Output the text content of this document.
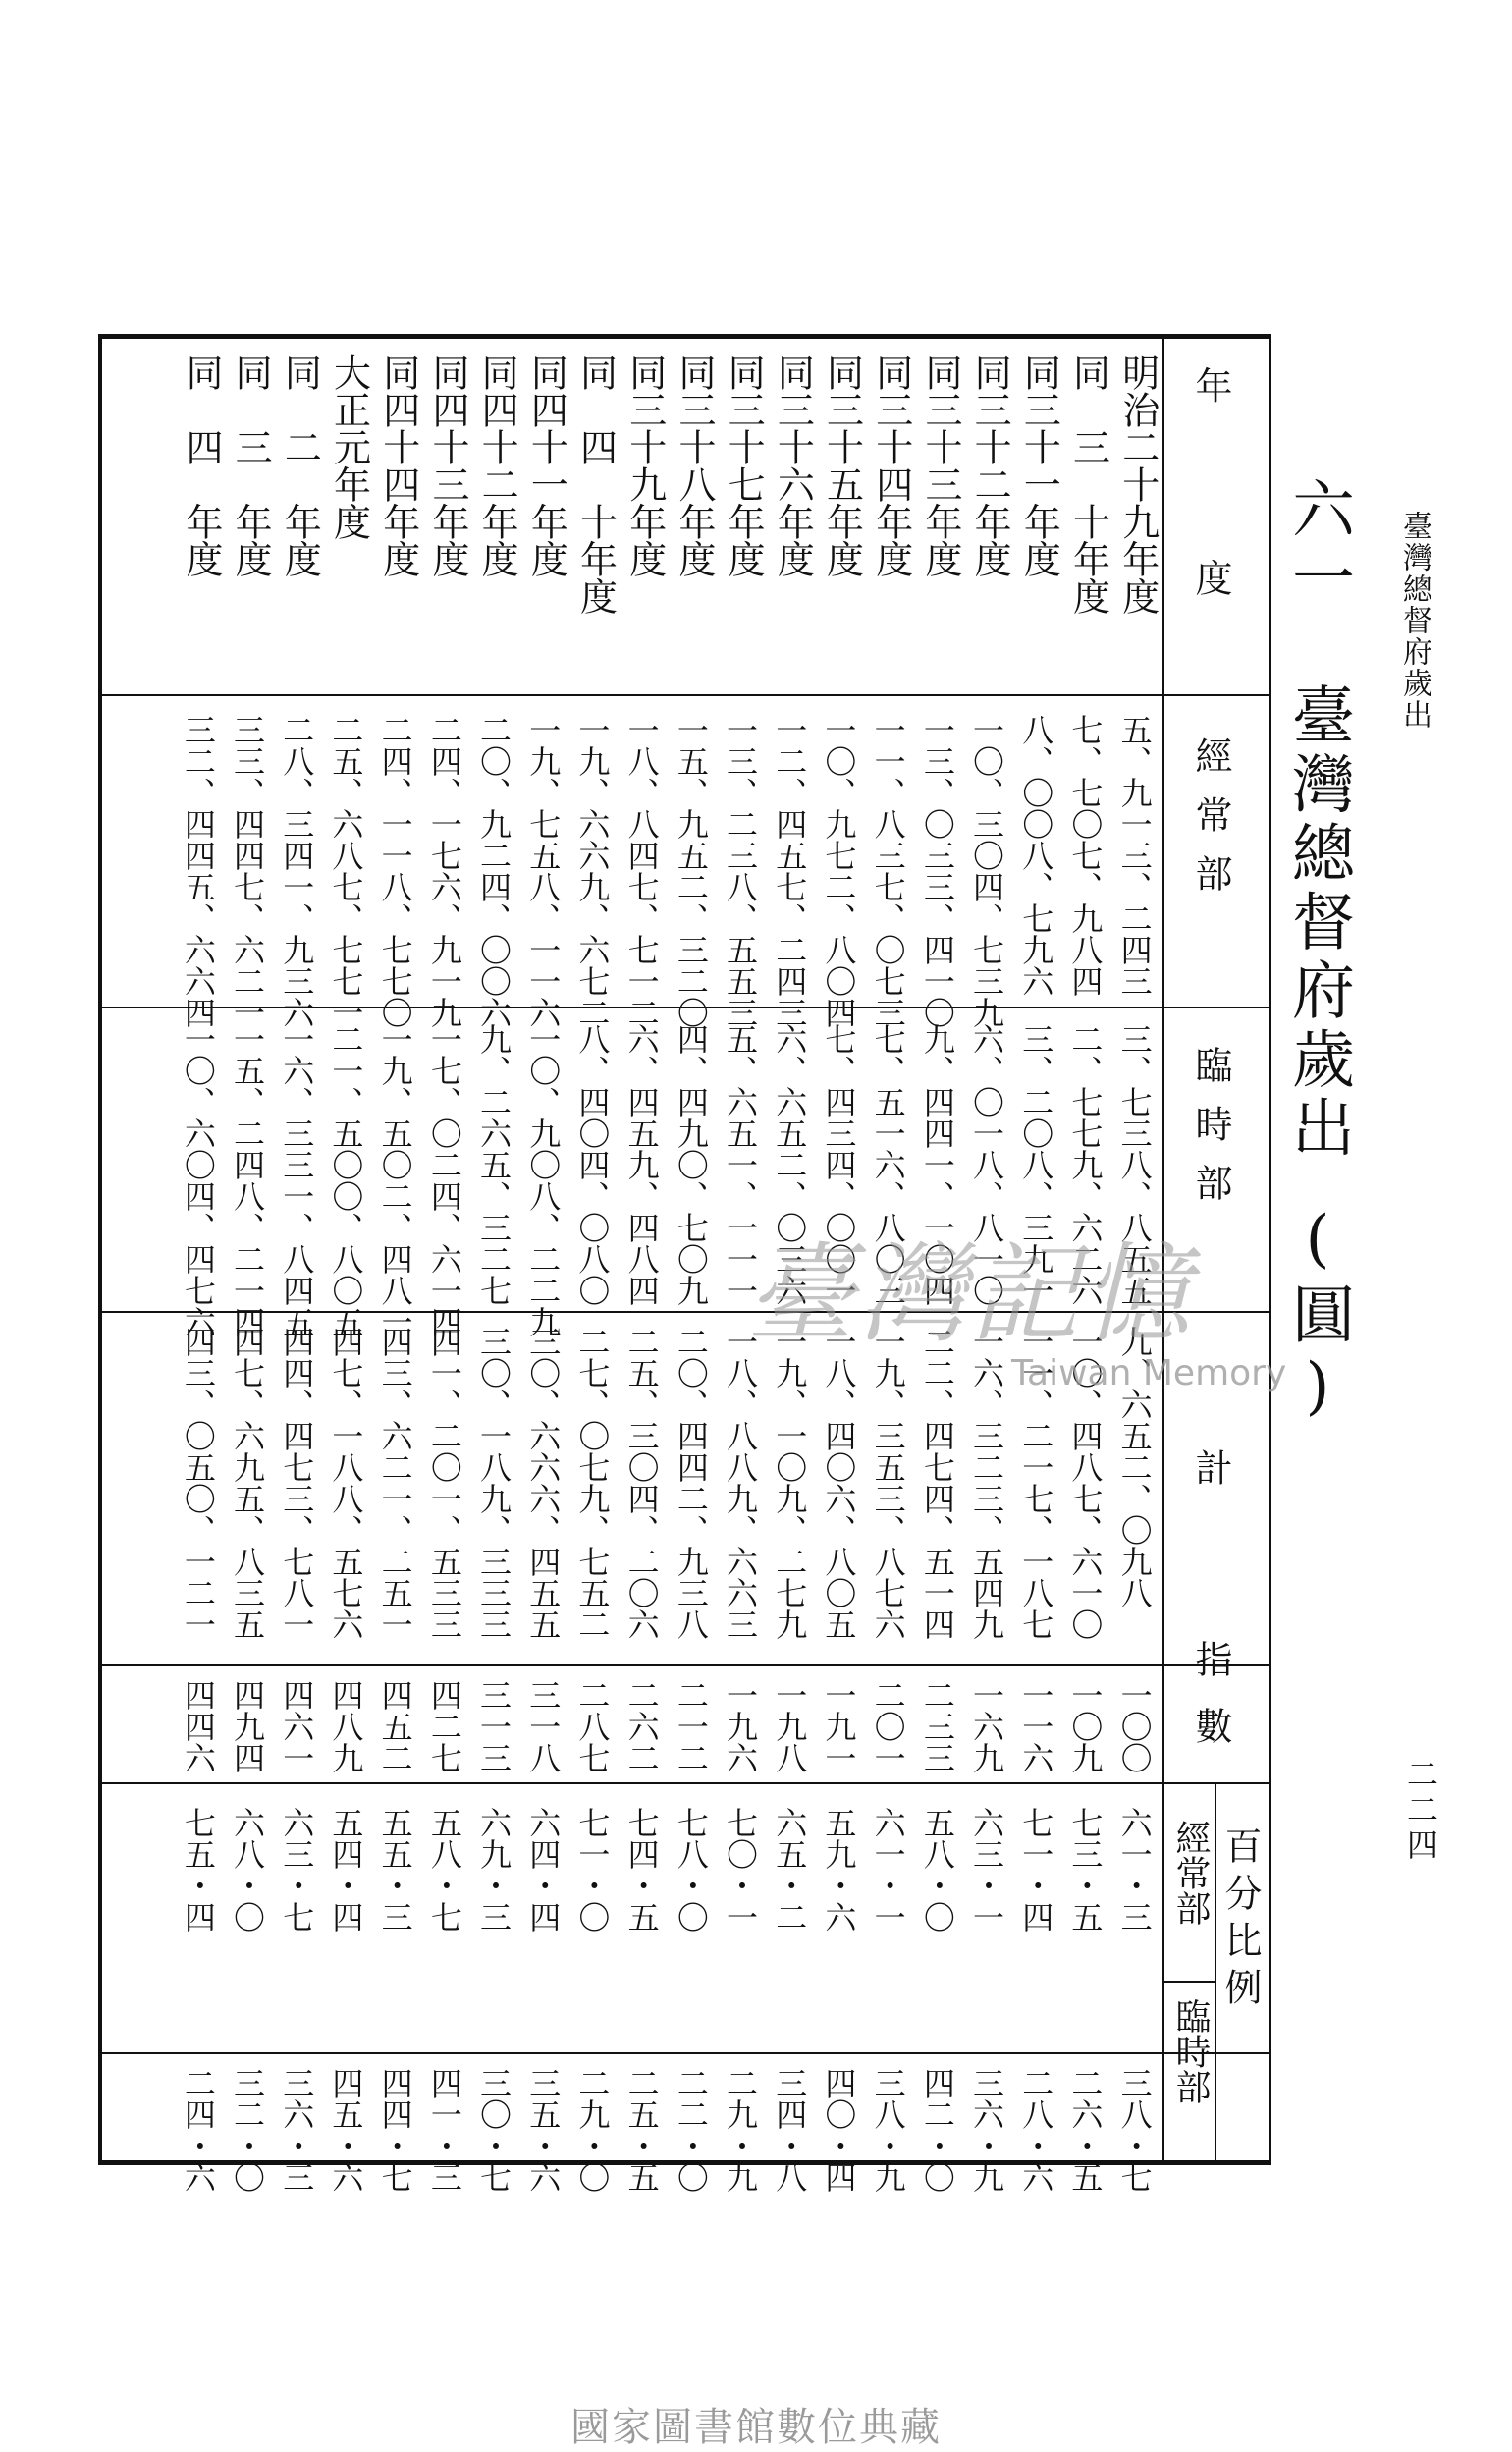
臺灣總督府歲出
二二四
六一　臺灣總督府歲出(圓)
年　度
經常部
臨時部
計
指數
百分比例
經常部
臨時部
明治二十九年度
五、九一三、二四三
三、七三八、八五五
九、六五二、〇九八
一〇〇
六一・三
三八・七
同　三　十年度
七、七〇七、九八四
二、七七九、六二六
一〇、四八七、六一〇
一〇九
七三・五
二六・五
同三十一年度
八、〇〇八、七九六
三、二〇八、三九一
一一、二一七、一八七
一一六
七一・四
二八・六
同三十二年度
一〇、三〇四、七三九
六、〇一八、八一〇
一六、三二三、五四九
一六九
六三・一
三六・九
同三十三年度
一三、〇三三、四一〇
九、四四一、一〇四
二二、四七四、五一四
二三三
五八・〇
四二・〇
同三十四年度
一一、八三七、〇七三
七、五一六、八〇三
一九、三五三、八七六
二〇一
六一・一
三八・九
同三十五年度
一〇、九七二、八〇四
七、四三四、〇〇一
一八、四〇六、八〇五
一九一
五九・六
四〇・四
同三十六年度
一二、四五七、二四三
六、六五二、〇三六
一九、一〇九、二七九
一九八
六五・二
三四・八
同三十七年度
一三、二三八、五五三
五、六五一、一一一
一八、八八九、六六三
一九六
七〇・一
二九・九
同三十八年度
一五、九五二、三二〇
四、四九〇、七〇九
二〇、四四二、九三八
二一二
七八・〇
二二・〇
同三十九年度
一八、八四七、七一二
六、四五九、四八四
二五、三〇四、二〇六
二六二
七四・五
二五・五
同　四　十年度
一九、六六九、六七二
八、四〇四、〇八〇
二七、〇七九、七五二
二八七
七一・〇
二九・〇
同四十一年度
一九、七五八、一一六
一〇、九〇八、二二九
三〇、六六六、四五五
三一八
六四・四
三五・六
同四十二年度
二〇、九二四、〇〇六
九、二六五、三二七
三〇、一八九、三三三
三一三
六九・三
三〇・七
同四十三年度
二四、一七六、九一九
一七、〇二四、六一四
四一、二〇一、五三三
四二七
五八・七
四一・三
同四十四年度
二四、一一八、七七〇
一九、五〇二、四八一
四三、六二一、二五一
四五二
五五・三
四四・七
大正元年度
二五、六八七、七七一
二一、五〇〇、八〇五
四七、一八八、五七六
四八九
五四・四
四五・六
同　二　年度
二八、三四一、九三六
一六、三三一、八四五
四四、四七三、七八一
四六一
六三・七
三六・三
同　三　年度
三三、四四七、六二一
一五、二四八、二一四
四七、六九五、八三五
四九四
六八・〇
三二・〇
同　四　年度
三二、四四五、六六四
一〇、六〇四、四七六
四三、〇五〇、一二一
四四六
七五・四
二四・六
臺灣記憶
Taiwan Memory
國家圖書館數位典藏
